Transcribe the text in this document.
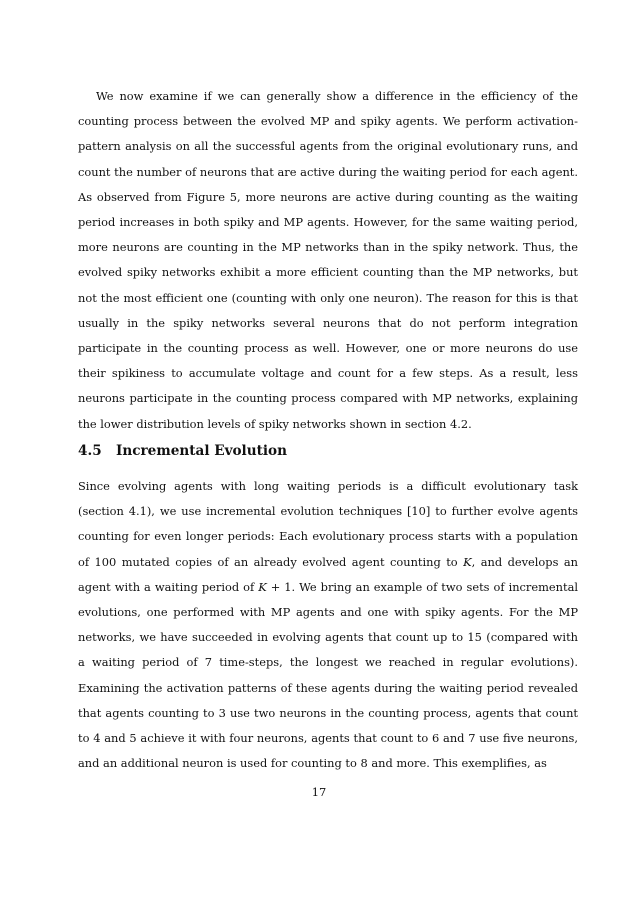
We now examine if we can generally show a difference in the efficiency of the counting process between the evolved MP and spiky agents. We perform activation-pattern analysis on all the successful agents from the original evolutionary runs, and count the number of neurons that are active during the waiting period for each agent. As observed from Figure 5, more neurons are active during counting as the waiting period increases in both spiky and MP agents. However, for the same waiting period, more neurons are counting in the MP networks than in the spiky network. Thus, the evolved spiky networks exhibit a more efficient counting than the MP networks, but not the most efficient one (counting with only one neuron). The reason for this is that usually in the spiky networks several neurons that do not perform integration participate in the counting process as well. However, one or more neurons do use their spikiness to accumulate voltage and count for a few steps. As a result, less neurons participate in the counting process compared with MP networks, explaining the lower distribution levels of spiky networks shown in section 4.2.

4.5 Incremental Evolution

Since evolving agents with long waiting periods is a difficult evolutionary task (section 4.1), we use incremental evolution techniques [10] to further evolve agents counting for even longer periods: Each evolutionary process starts with a population of 100 mutated copies of an already evolved agent counting to K, and develops an agent with a waiting period of K + 1. We bring an example of two sets of incremental evolutions, one performed with MP agents and one with spiky agents. For the MP networks, we have succeeded in evolving agents that count up to 15 (compared with a waiting period of 7 time-steps, the longest we reached in regular evolutions). Examining the activation patterns of these agents during the waiting period revealed that agents counting to 3 use two neurons in the counting process, agents that count to 4 and 5 achieve it with four neurons, agents that count to 6 and 7 use five neurons, and an additional neuron is used for counting to 8 and more. This exemplifies, as

17
